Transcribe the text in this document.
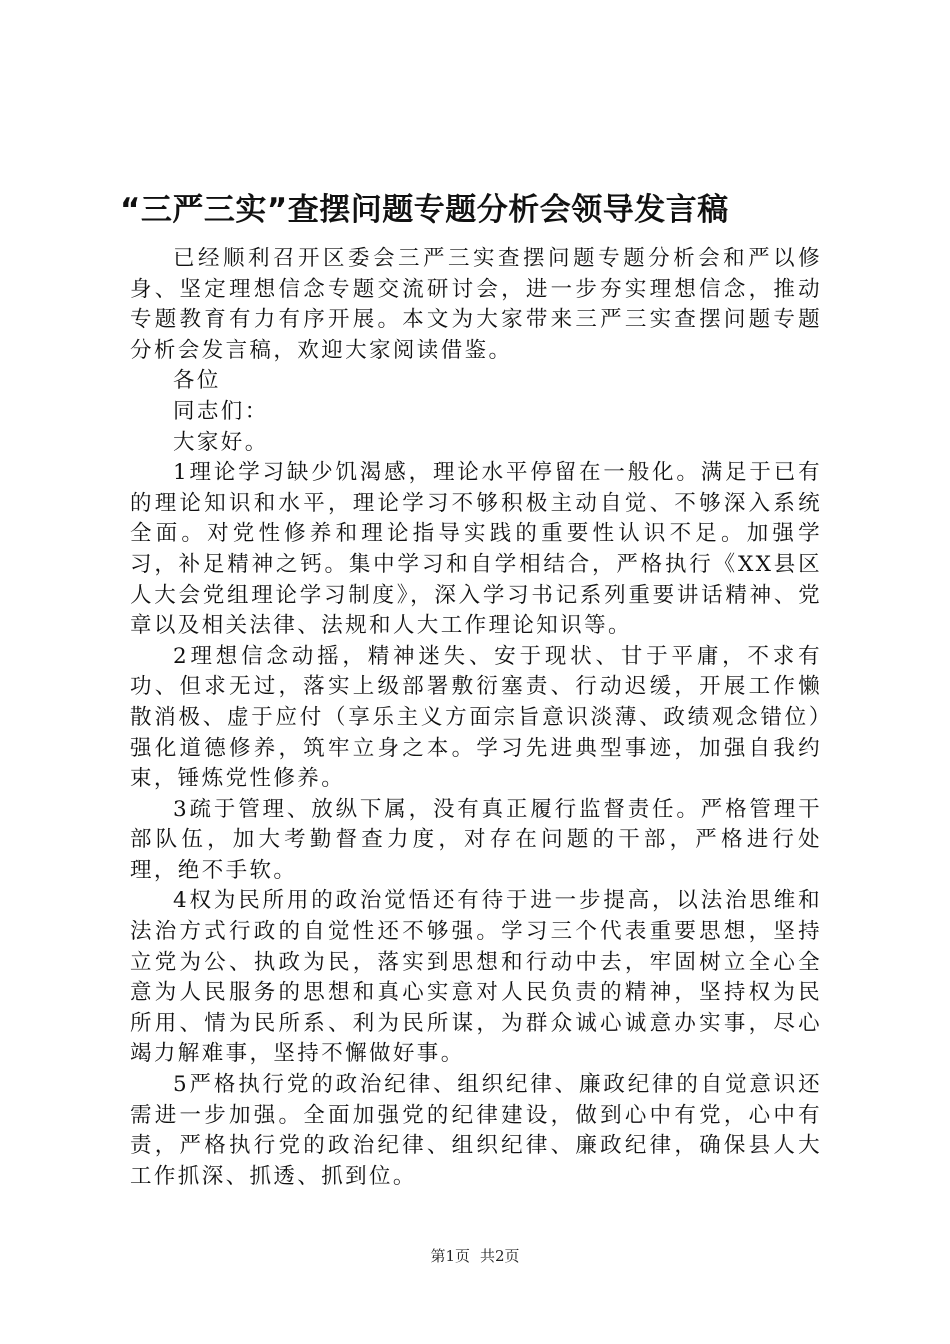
“三严三实”查摆问题专题分析会领导发言稿

已经顺利召开区委会三严三实查摆问题专题分析会和严以修身、坚定理想信念专题交流研讨会，进一步夯实理想信念，推动专题教育有力有序开展。本文为大家带来三严三实查摆问题专题分析会发言稿，欢迎大家阅读借鉴。

各位

同志们：

大家好。

1理论学习缺少饥渴感，理论水平停留在一般化。满足于已有的理论知识和水平，理论学习不够积极主动自觉、不够深入系统全面。对党性修养和理论指导实践的重要性认识不足。加强学习，补足精神之钙。集中学习和自学相结合，严格执行《XX县区人大会党组理论学习制度》，深入学习书记系列重要讲话精神、党章以及相关法律、法规和人大工作理论知识等。

2理想信念动摇，精神迷失、安于现状、甘于平庸，不求有功、但求无过，落实上级部署敷衍塞责、行动迟缓，开展工作懒散消极、虚于应付（享乐主义方面宗旨意识淡薄、政绩观念错位）强化道德修养，筑牢立身之本。学习先进典型事迹，加强自我约束，锤炼党性修养。

3疏于管理、放纵下属，没有真正履行监督责任。严格管理干部队伍，加大考勤督查力度，对存在问题的干部，严格进行处理，绝不手软。

4权为民所用的政治觉悟还有待于进一步提高，以法治思维和法治方式行政的自觉性还不够强。学习三个代表重要思想，坚持立党为公、执政为民，落实到思想和行动中去，牢固树立全心全意为人民服务的思想和真心实意对人民负责的精神，坚持权为民所用、情为民所系、利为民所谋，为群众诚心诚意办实事，尽心竭力解难事，坚持不懈做好事。

5严格执行党的政治纪律、组织纪律、廉政纪律的自觉意识还需进一步加强。全面加强党的纪律建设，做到心中有党，心中有责，严格执行党的政治纪律、组织纪律、廉政纪律，确保县人大工作抓深、抓透、抓到位。

第1页 共2页
